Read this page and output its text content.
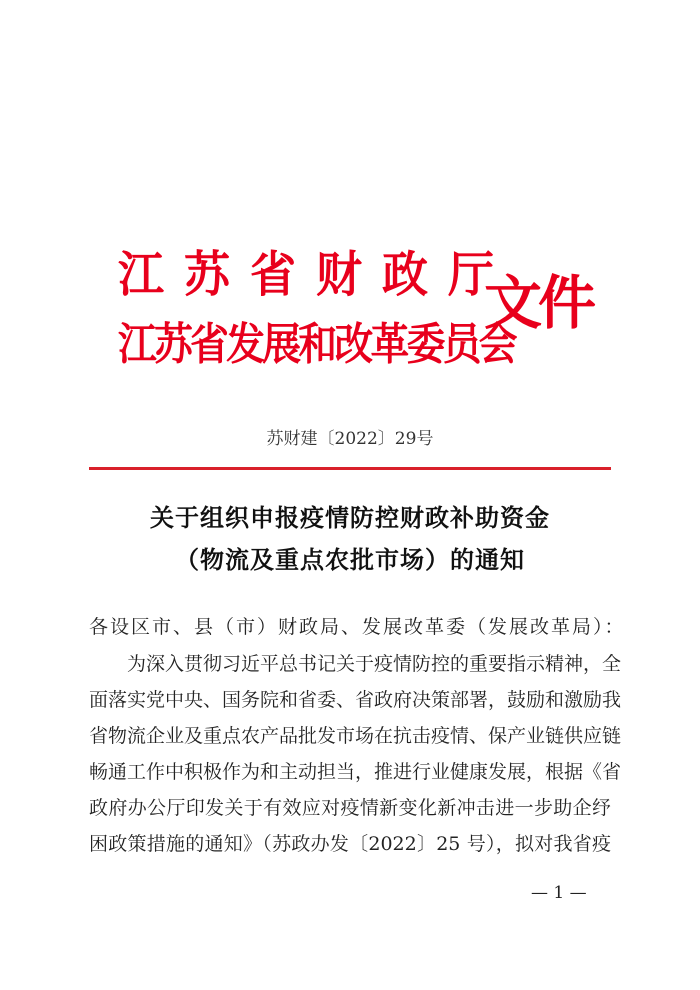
江苏省财政厅
江苏省发展和改革委员会
文件
苏财建〔2022〕29号
关于组织申报疫情防控财政补助资金
（物流及重点农批市场）的通知
各设区市、县（市）财政局、发展改革委（发展改革局）：
为深入贯彻习近平总书记关于疫情防控的重要指示精神，全
面落实党中央、国务院和省委、省政府决策部署，鼓励和激励我
省物流企业及重点农产品批发市场在抗击疫情、保产业链供应链
畅通工作中积极作为和主动担当，推进行业健康发展，根据《省
政府办公厅印发关于有效应对疫情新变化新冲击进一步助企纾
困政策措施的通知》（苏政办发〔2022〕25 号），拟对我省疫
— 1 —
